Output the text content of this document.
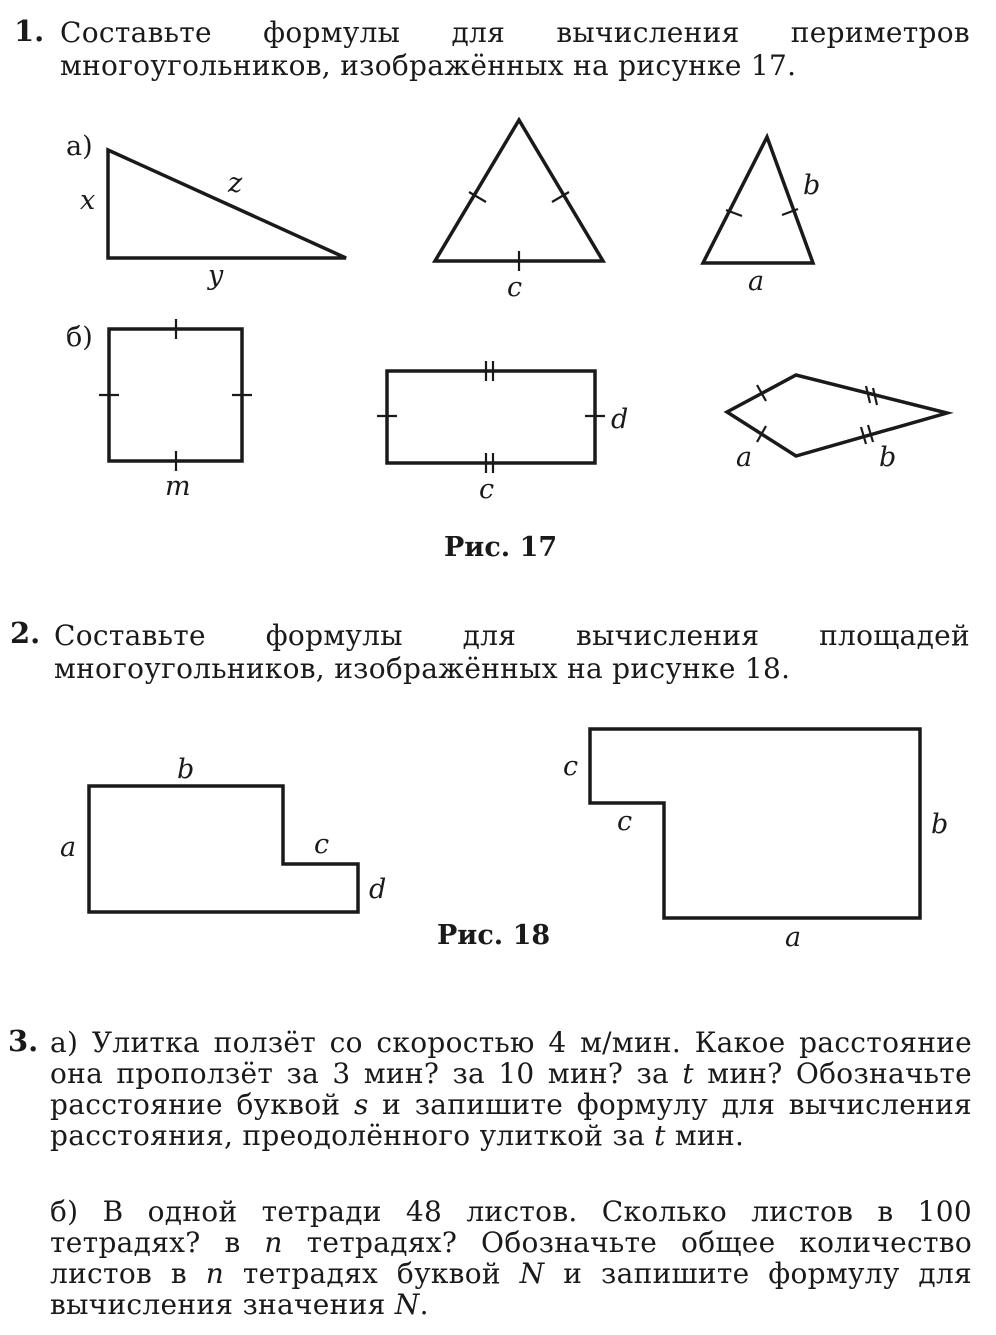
1. Составьте формулы для вычисления периметров многоугольников, изображённых на рисунке 17.
а)
x
z
y	c
b
a
б)
m
d
c
a	b
Рис. 17
2. Составьте формулы для вычисления площадей многоугольников, изображённых на рисунке 18.
b
a	c
d
c
c	b
a
Рис. 18
3. а) Улитка ползёт со скоростью 4 м/мин. Какое расстояние она проползёт за 3 мин? за 10 мин? за t мин? Обозначьте расстояние буквой s и запишите формулу для вычисления расстояния, преодолённого улиткой за t мин.
б) В одной тетради 48 листов. Сколько листов в 100 тетрадях? в n тетрадях? Обозначьте общее количество листов в n тетрадях буквой N и запишите формулу для вычисления значения N.
